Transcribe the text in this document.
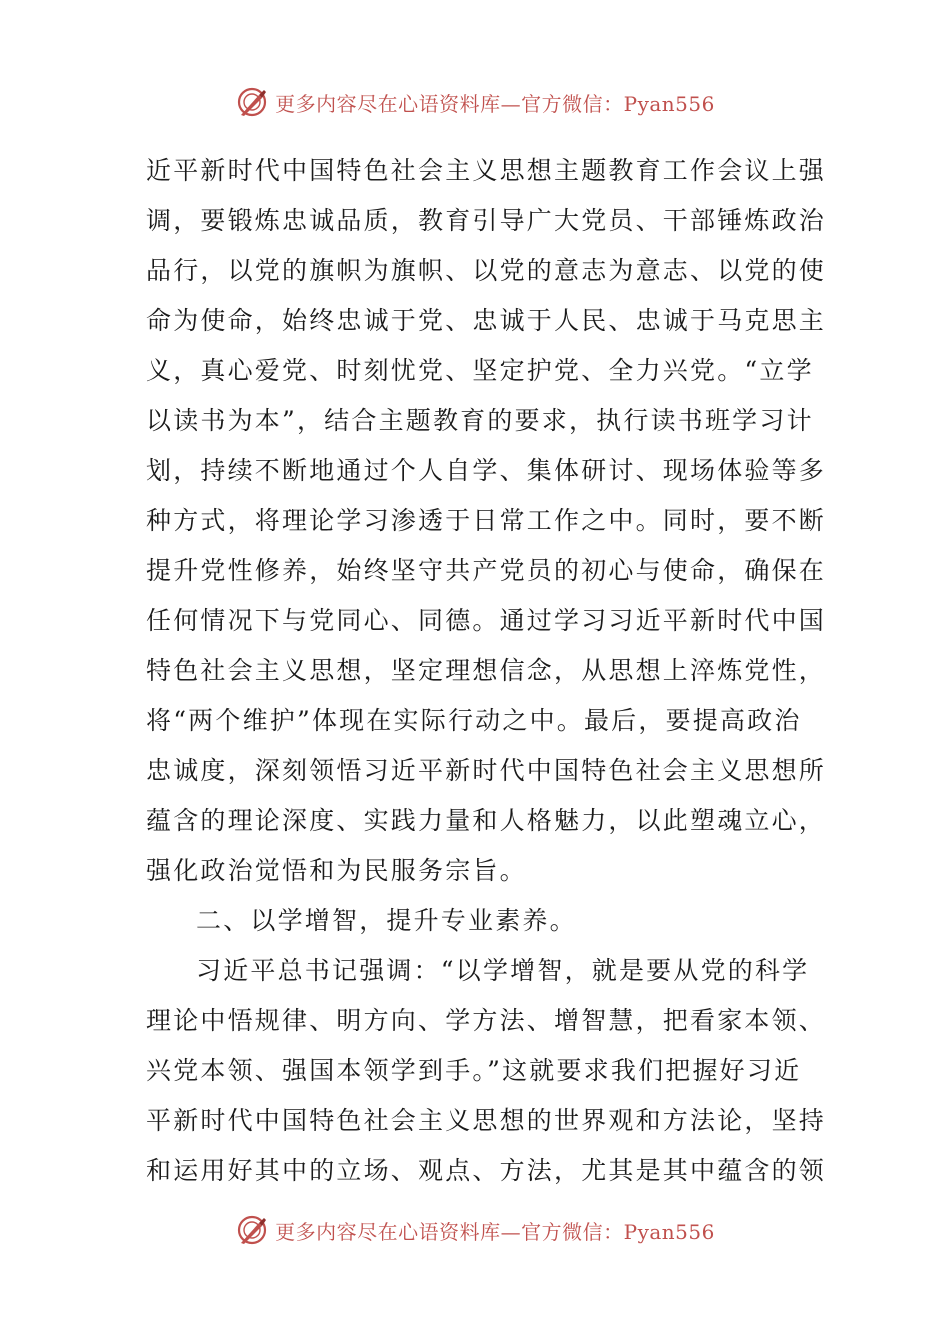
更多内容尽在心语资料库—官方微信：Pyan556
近平新时代中国特色社会主义思想主题教育工作会议上强
调，要锻炼忠诚品质，教育引导广大党员、干部锤炼政治
品行，以党的旗帜为旗帜、以党的意志为意志、以党的使
命为使命，始终忠诚于党、忠诚于人民、忠诚于马克思主
义，真心爱党、时刻忧党、坚定护党、全力兴党。“立学
以读书为本”，结合主题教育的要求，执行读书班学习计
划，持续不断地通过个人自学、集体研讨、现场体验等多
种方式，将理论学习渗透于日常工作之中。同时，要不断
提升党性修养，始终坚守共产党员的初心与使命，确保在
任何情况下与党同心、同德。通过学习习近平新时代中国
特色社会主义思想，坚定理想信念，从思想上淬炼党性，
将“两个维护”体现在实际行动之中。最后，要提高政治
忠诚度，深刻领悟习近平新时代中国特色社会主义思想所
蕴含的理论深度、实践力量和人格魅力，以此塑魂立心，
强化政治觉悟和为民服务宗旨。
二、以学增智，提升专业素养。
习近平总书记强调：“以学增智，就是要从党的科学
理论中悟规律、明方向、学方法、增智慧，把看家本领、
兴党本领、强国本领学到手。”这就要求我们把握好习近
平新时代中国特色社会主义思想的世界观和方法论，坚持
和运用好其中的立场、观点、方法，尤其是其中蕴含的领
更多内容尽在心语资料库—官方微信：Pyan556
